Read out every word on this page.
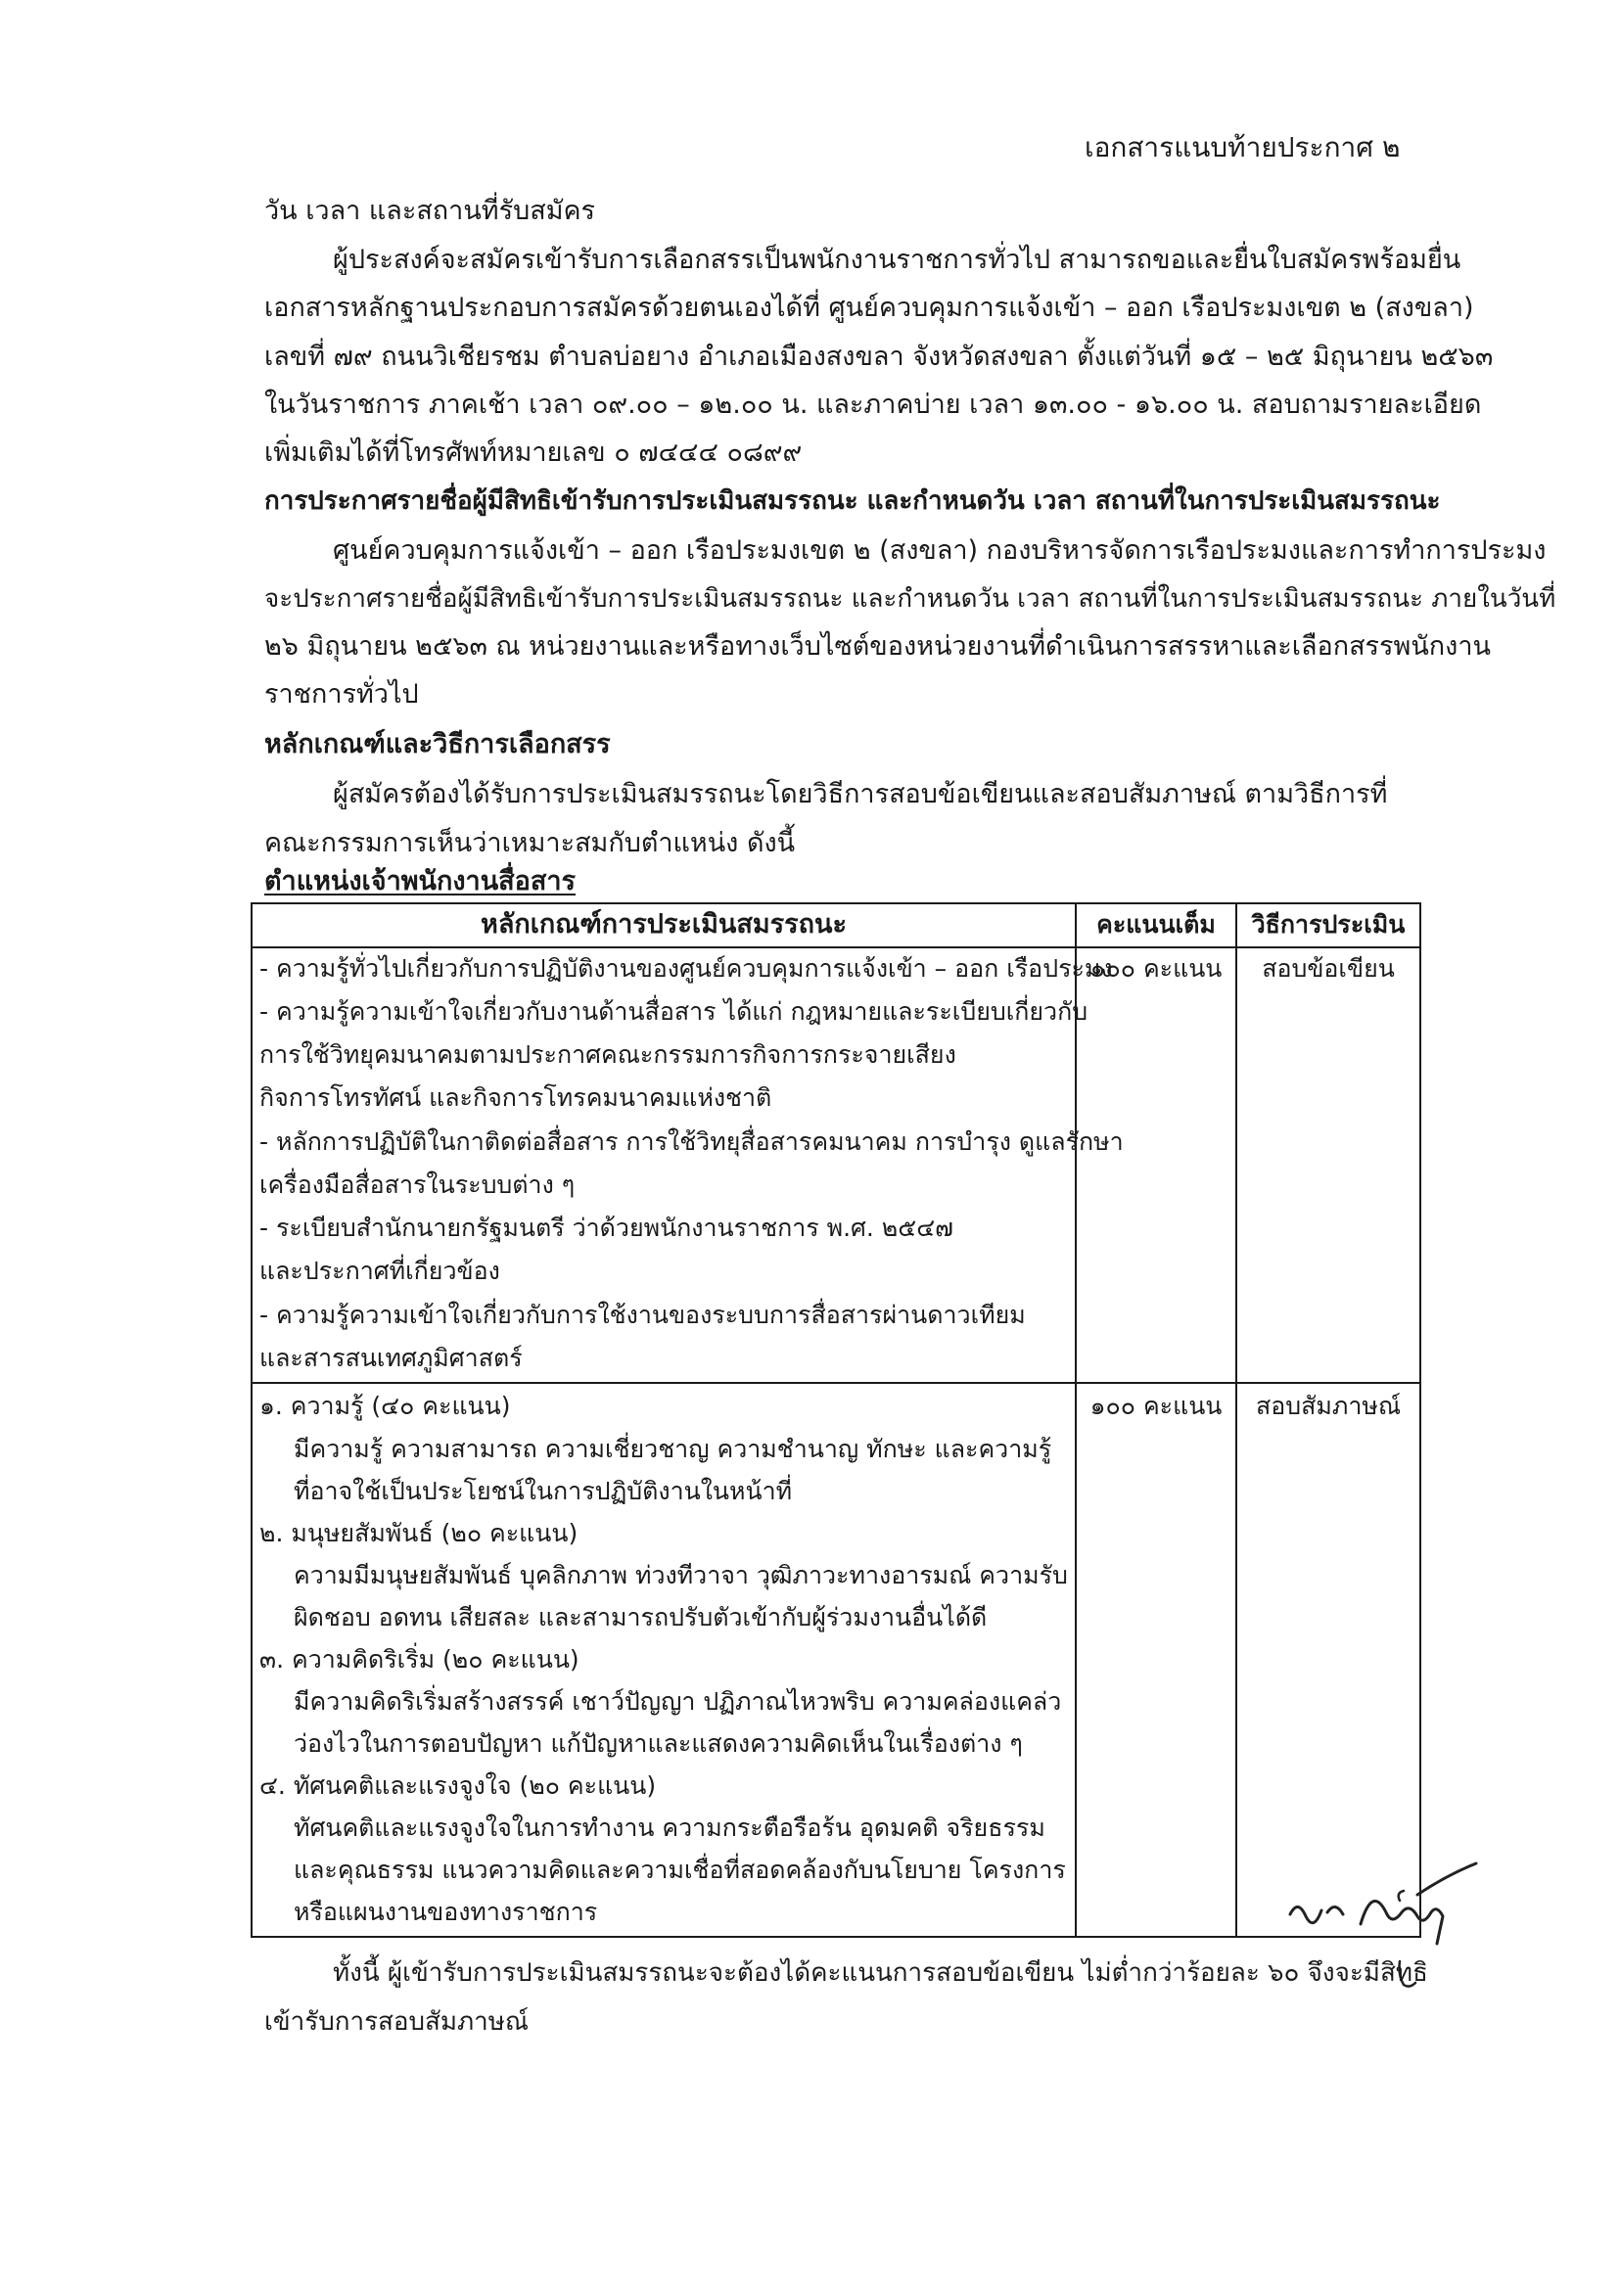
เอกสารแนบท้ายประกาศ ๒
วัน เวลา และสถานที่รับสมัคร
ผู้ประสงค์จะสมัครเข้ารับการเลือกสรรเป็นพนักงานราชการทั่วไป สามารถขอและยื่นใบสมัครพร้อมยื่น
เอกสารหลักฐานประกอบการสมัครด้วยตนเองได้ที่ ศูนย์ควบคุมการแจ้งเข้า – ออก เรือประมงเขต ๒ (สงขลา)
เลขที่ ๗๙ ถนนวิเชียรชม ตำบลบ่อยาง อำเภอเมืองสงขลา จังหวัดสงขลา ตั้งแต่วันที่ ๑๕ – ๒๕ มิถุนายน ๒๕๖๓
ในวันราชการ ภาคเช้า เวลา ๐๙.๐๐ – ๑๒.๐๐ น. และภาคบ่าย เวลา ๑๓.๐๐ - ๑๖.๐๐ น. สอบถามรายละเอียด
เพิ่มเติมได้ที่โทรศัพท์หมายเลข ๐ ๗๔๔๔ ๐๘๙๙
การประกาศรายชื่อผู้มีสิทธิเข้ารับการประเมินสมรรถนะ และกำหนดวัน เวลา สถานที่ในการประเมินสมรรถนะ
ศูนย์ควบคุมการแจ้งเข้า – ออก เรือประมงเขต ๒ (สงขลา) กองบริหารจัดการเรือประมงและการทำการประมง
จะประกาศรายชื่อผู้มีสิทธิเข้ารับการประเมินสมรรถนะ และกำหนดวัน เวลา สถานที่ในการประเมินสมรรถนะ ภายในวันที่
๒๖ มิถุนายน ๒๕๖๓ ณ หน่วยงานและหรือทางเว็บไซต์ของหน่วยงานที่ดำเนินการสรรหาและเลือกสรรพนักงาน
ราชการทั่วไป
หลักเกณฑ์และวิธีการเลือกสรร
ผู้สมัครต้องได้รับการประเมินสมรรถนะโดยวิธีการสอบข้อเขียนและสอบสัมภาษณ์ ตามวิธีการที่
คณะกรรมการเห็นว่าเหมาะสมกับตำแหน่ง ดังนี้
ตำแหน่งเจ้าพนักงานสื่อสาร
หลักเกณฑ์การประเมินสมรรถนะ	คะแนนเต็ม	วิธีการประเมิน
- ความรู้ทั่วไปเกี่ยวกับการปฏิบัติงานของศูนย์ควบคุมการแจ้งเข้า – ออก เรือประมง
- ความรู้ความเข้าใจเกี่ยวกับงานด้านสื่อสาร ได้แก่ กฎหมายและระเบียบเกี่ยวกับ
การใช้วิทยุคมนาคมตามประกาศคณะกรรมการกิจการกระจายเสียง
กิจการโทรทัศน์ และกิจการโทรคมนาคมแห่งชาติ
- หลักการปฏิบัติในกาติดต่อสื่อสาร การใช้วิทยุสื่อสารคมนาคม การบำรุง ดูแลรักษา
เครื่องมือสื่อสารในระบบต่าง ๆ
- ระเบียบสำนักนายกรัฐมนตรี ว่าด้วยพนักงานราชการ พ.ศ. ๒๕๔๗
และประกาศที่เกี่ยวข้อง
- ความรู้ความเข้าใจเกี่ยวกับการใช้งานของระบบการสื่อสารผ่านดาวเทียม
และสารสนเทศภูมิศาสตร์
๑๐๐ คะแนน	สอบข้อเขียน
๑. ความรู้ (๔๐ คะแนน)
มีความรู้ ความสามารถ ความเชี่ยวชาญ ความชำนาญ ทักษะ และความรู้
ที่อาจใช้เป็นประโยชน์ในการปฏิบัติงานในหน้าที่
๒. มนุษยสัมพันธ์ (๒๐ คะแนน)
ความมีมนุษยสัมพันธ์ บุคลิกภาพ ท่วงทีวาจา วุฒิภาวะทางอารมณ์ ความรับ
ผิดชอบ อดทน เสียสละ และสามารถปรับตัวเข้ากับผู้ร่วมงานอื่นได้ดี
๓. ความคิดริเริ่ม (๒๐ คะแนน)
มีความคิดริเริ่มสร้างสรรค์ เชาว์ปัญญา ปฏิภาณไหวพริบ ความคล่องแคล่ว
ว่องไวในการตอบปัญหา แก้ปัญหาและแสดงความคิดเห็นในเรื่องต่าง ๆ
๔. ทัศนคติและแรงจูงใจ (๒๐ คะแนน)
ทัศนคติและแรงจูงใจในการทำงาน ความกระตือรือร้น อุดมคติ จริยธรรม
และคุณธรรม แนวความคิดและความเชื่อที่สอดคล้องกับนโยบาย โครงการ
หรือแผนงานของทางราชการ
๑๐๐ คะแนน	สอบสัมภาษณ์
ทั้งนี้ ผู้เข้ารับการประเมินสมรรถนะจะต้องได้คะแนนการสอบข้อเขียน ไม่ต่ำกว่าร้อยละ ๖๐ จึงจะมีสิทธิ
เข้ารับการสอบสัมภาษณ์
